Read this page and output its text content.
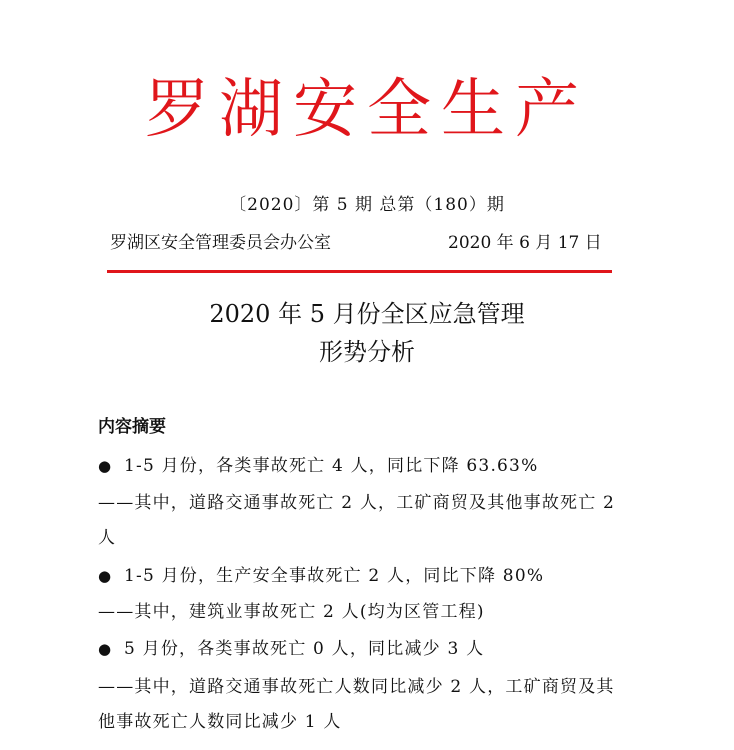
罗湖安全生产
〔2020〕第 5 期 总第（180）期
罗湖区安全管理委员会办公室	2020 年 6 月 17 日
2020 年 5 月份全区应急管理
形势分析
内容摘要
● 1-5 月份，各类事故死亡 4 人，同比下降 63.63%
——其中，道路交通事故死亡 2 人，工矿商贸及其他事故死亡 2
人
● 1-5 月份，生产安全事故死亡 2 人，同比下降 80%
——其中，建筑业事故死亡 2 人(均为区管工程)
● 5 月份，各类事故死亡 0 人，同比减少 3 人
——其中，道路交通事故死亡人数同比减少 2 人，工矿商贸及其
他事故死亡人数同比减少 1 人
